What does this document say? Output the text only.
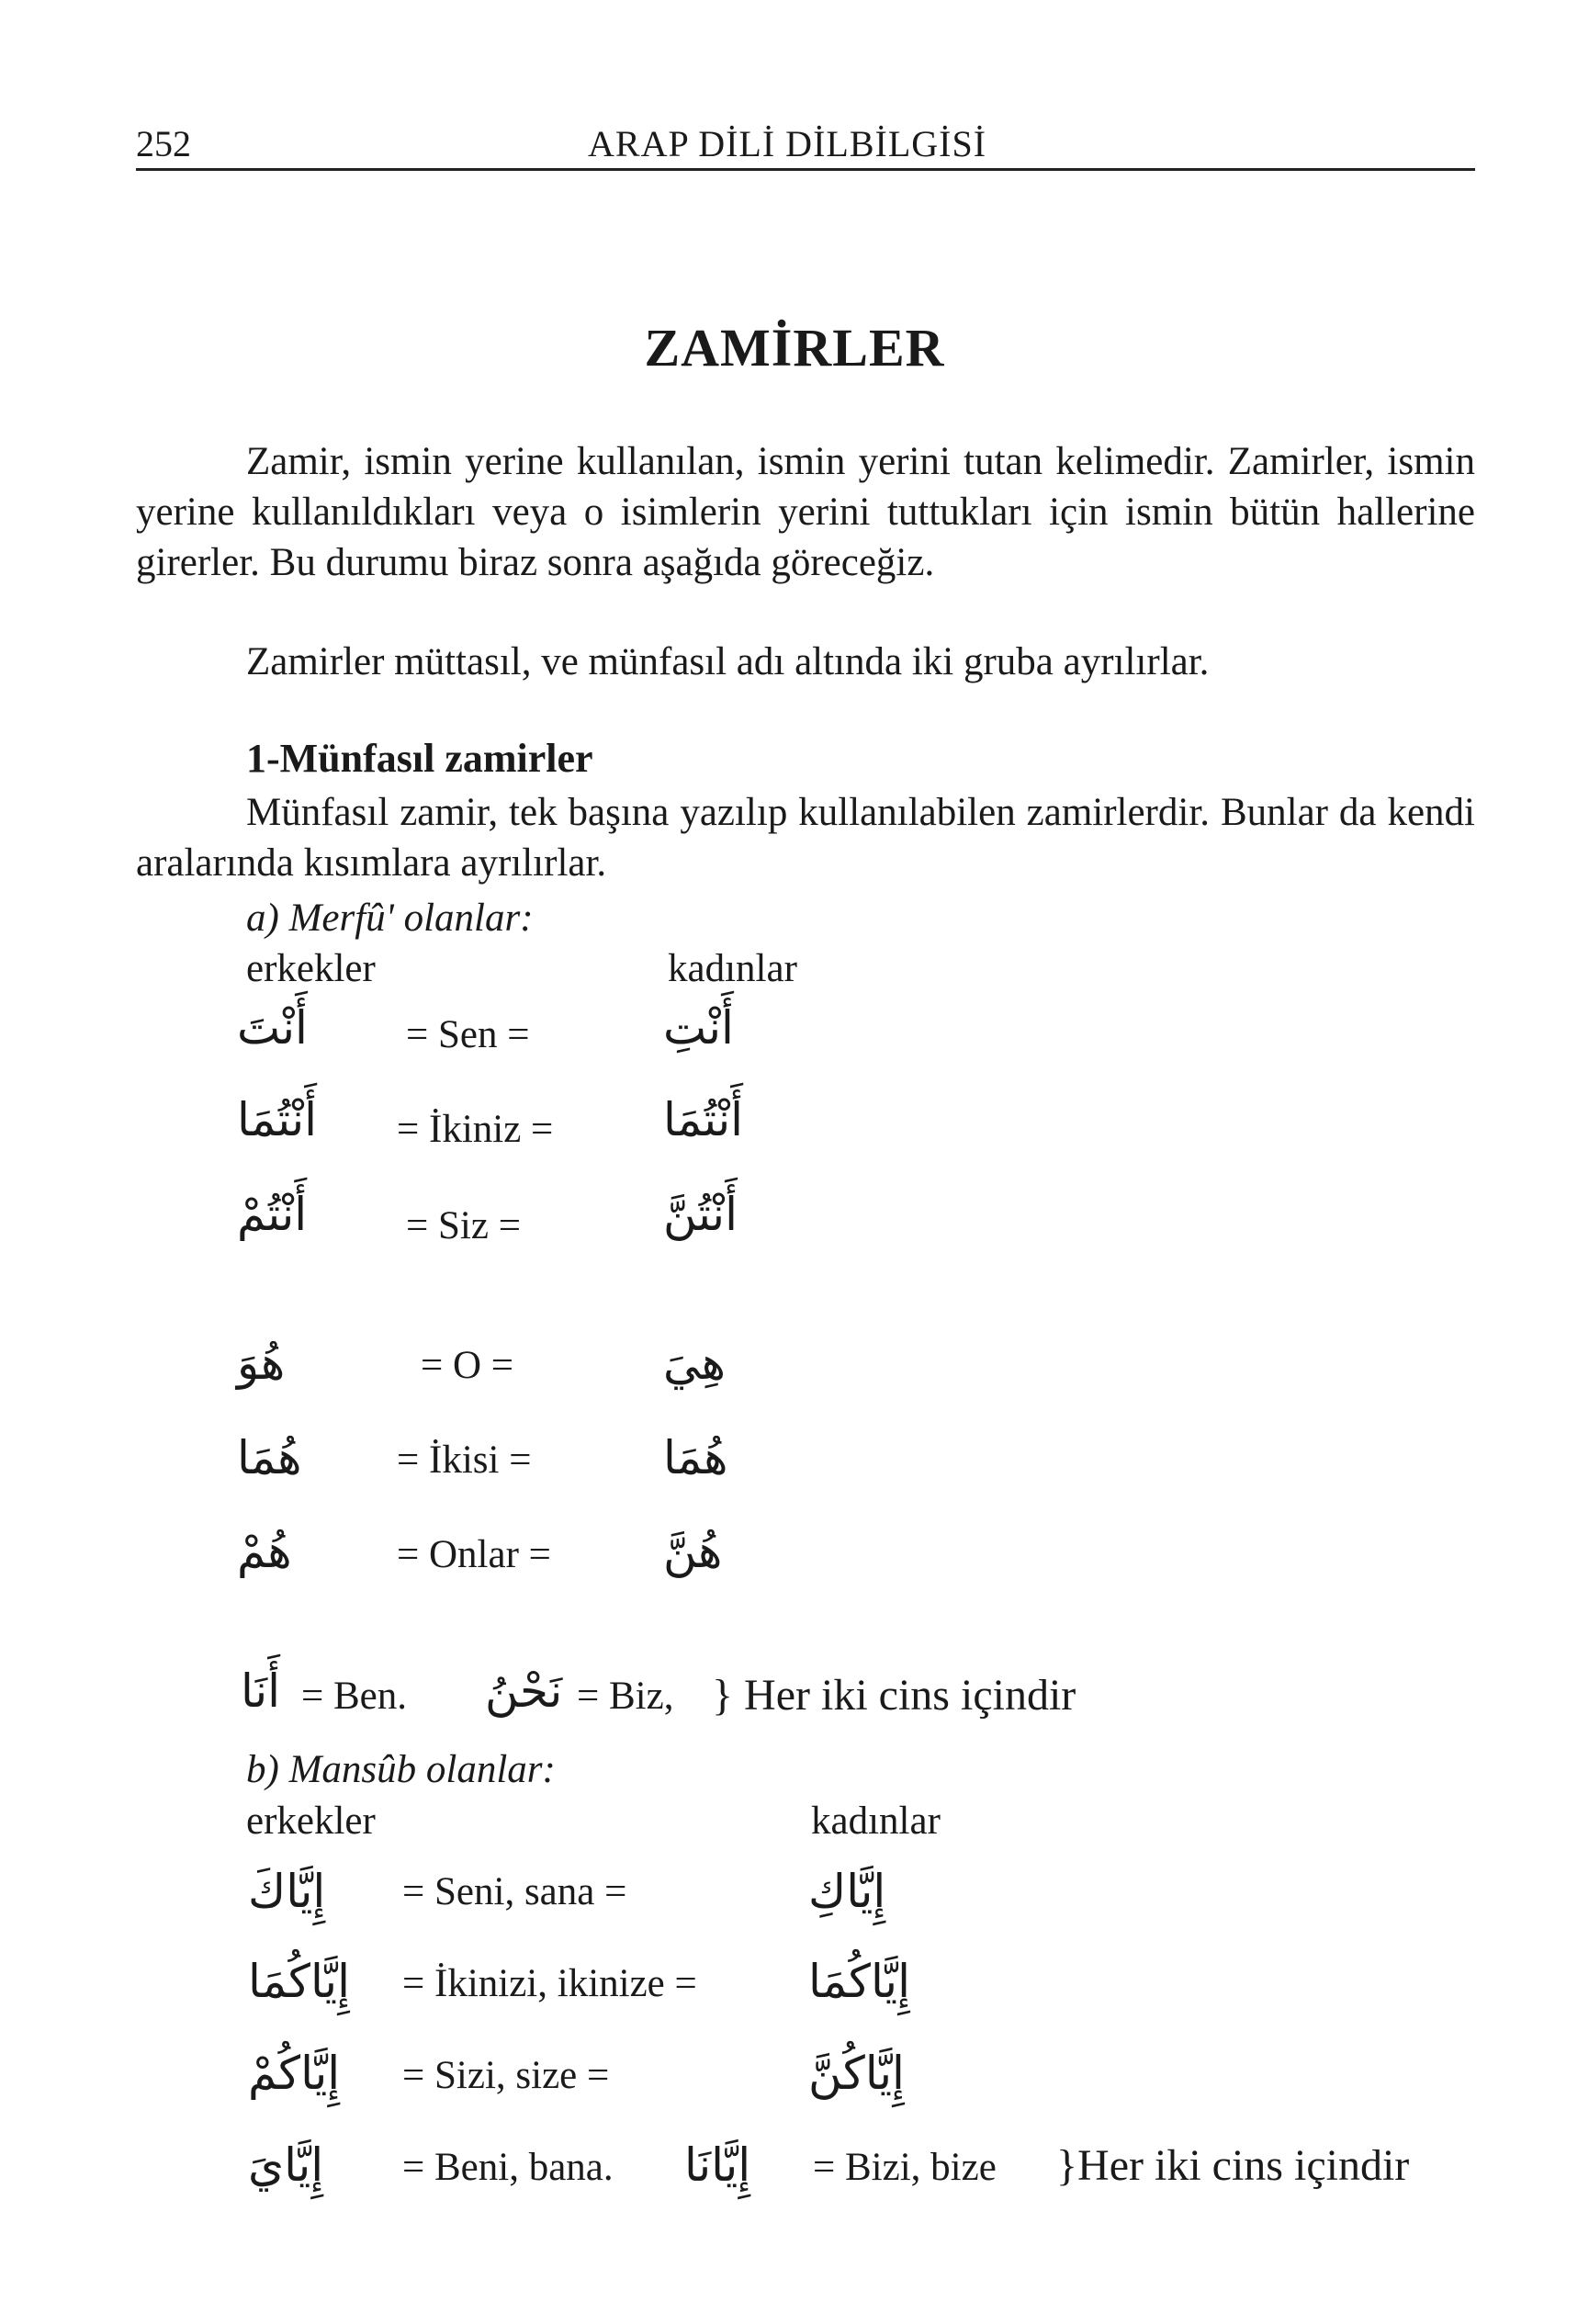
252	ARAP DİLİ DİLBİLGİSİ
ZAMİRLER
Zamir, ismin yerine kullanılan, ismin yerini tutan kelimedir. Zamirler, ismin yerine kullanıldıkları veya o isimlerin yerini tuttukları için ismin bütün hallerine girerler. Bu durumu biraz sonra aşağıda göreceğiz.
Zamirler müttasıl, ve münfasıl adı altında iki gruba ayrılırlar.
1-Münfasıl zamirler
Münfasıl zamir, tek başına yazılıp kullanılabilen zamirlerdir. Bunlar da kendi aralarında kısımlara ayrılırlar.
a) Merfû' olanlar:
erkekler	kadınlar
أَنْتَ = Sen =	أَنْتِ
أَنْتُمَا = İkiniz = أَنْتُمَا
أَنْتُمْ	= Siz =	أَنْتُنَّ
هُوَ	= O =	هِيَ
هُمَا = İkisi =	هُمَا
هُمْ	= Onlar = هُنَّ
أَنَا = Ben. نَحْنُ = Biz, } Her iki cins içindir
b) Mansûb olanlar:
erkekler	kadınlar
إِيَّاكَ = Seni, sana =	إِيَّاكِ
إِيَّاكُمَا = İkinizi, ikinize = إِيَّاكُمَا
إِيَّاكُمْ = Sizi, size =	إِيَّاكُنَّ
إِيَّايَ = Beni, bana. إِيَّانَا = Bizi, bize }Her iki cins içindir
